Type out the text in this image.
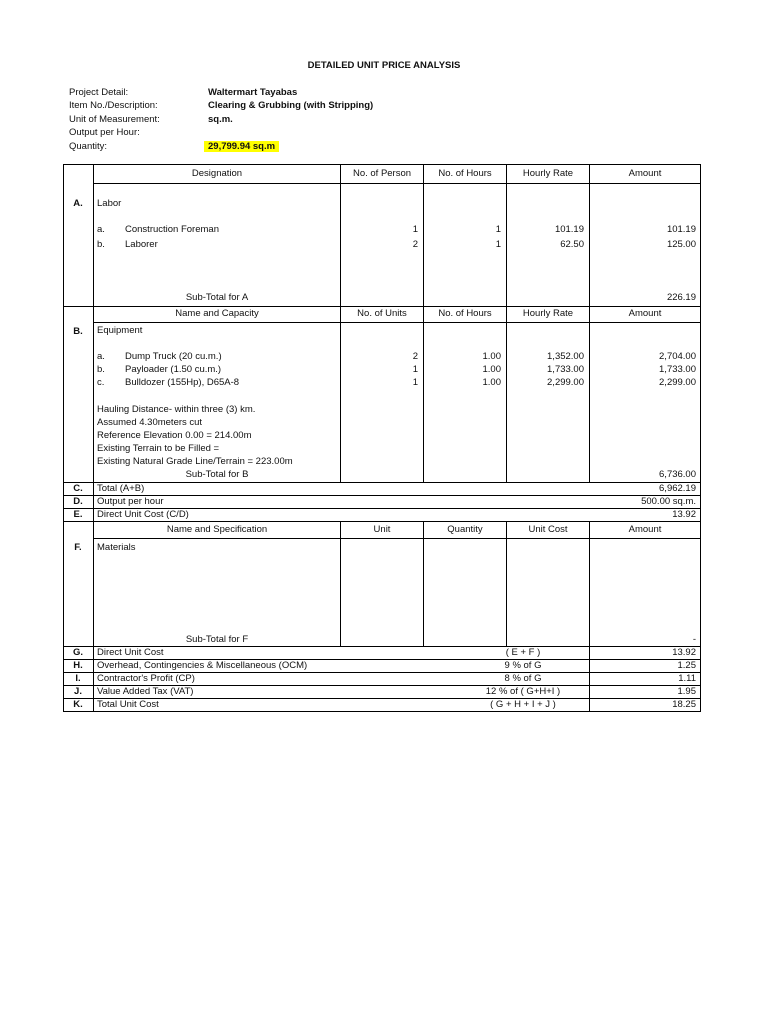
DETAILED UNIT PRICE ANALYSIS
Project Detail:	Waltermart Tayabas
Item No./Description:	Clearing & Grubbing (with Stripping)
Unit of Measurement:	sq.m.
Output per Hour:
Quantity:	29,799.94 sq.m
Designation	No. of Person	No. of Hours	Hourly Rate	Amount
A.	Labor
a. Construction Foreman	1	1	101.19	101.19
b. Laborer	2	1	62.50	125.00
Sub-Total for A	226.19
Name and Capacity	No. of Units	No. of Hours	Hourly Rate	Amount
B.	Equipment
a. Dump Truck (20 cu.m.)	2	1.00	1,352.00	2,704.00
b. Payloader (1.50 cu.m.)	1	1.00	1,733.00	1,733.00
c. Bulldozer (155Hp), D65A-8	1	1.00	2,299.00	2,299.00
Hauling Distance- within three (3) km.
Assumed 4.30meters cut
Reference Elevation 0.00 = 214.00m
Existing Terrain to be Filled =
Existing Natural Grade Line/Terrain = 223.00m
Sub-Total for B	6,736.00
C.	Total (A+B)	6,962.19
D.	Output per hour	500.00 sq.m.
E.	Direct Unit Cost (C/D)	13.92
Name and Specification	Unit	Quantity	Unit Cost	Amount
F.	Materials
Sub-Total for F	-
G.	Direct Unit Cost	( E + F )	13.92
H.	Overhead, Contingencies & Miscellaneous (OCM)	9 % of G	1.25
I.	Contractor's Profit (CP)	8 % of G	1.11
J.	Value Added Tax (VAT)	12 % of ( G+H+I )	1.95
K.	Total Unit Cost	( G + H + I + J )	18.25
